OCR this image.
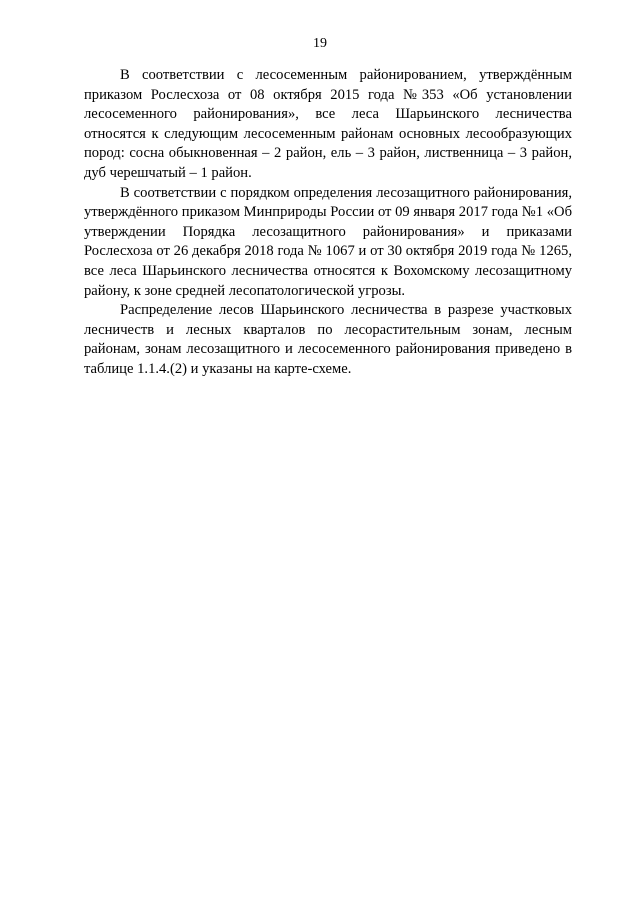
19

В соответствии с лесосеменным районированием, утверждённым приказом Рослесхоза от 08 октября 2015 года №353 «Об установлении лесосеменного районирования», все леса Шарьинского лесничества относятся к следующим лесосеменным районам основных лесообразующих пород: сосна обыкновенная – 2 район, ель – 3 район, лиственница – 3 район, дуб черешчатый – 1 район.

В соответствии с порядком определения лесозащитного районирования, утверждённого приказом Минприроды России от 09 января 2017 года №1 «Об утверждении Порядка лесозащитного районирования» и приказами Рослесхоза от 26 декабря 2018 года № 1067 и от 30 октября 2019 года № 1265, все леса Шарьинского лесничества относятся к Вохомскому лесозащитному району, к зоне средней лесопатологической угрозы.

Распределение лесов Шарьинского лесничества в разрезе участковых лесничеств и лесных кварталов по лесорастительным зонам, лесным районам, зонам лесозащитного и лесосеменного районирования приведено в таблице 1.1.4.(2) и указаны на карте-схеме.
